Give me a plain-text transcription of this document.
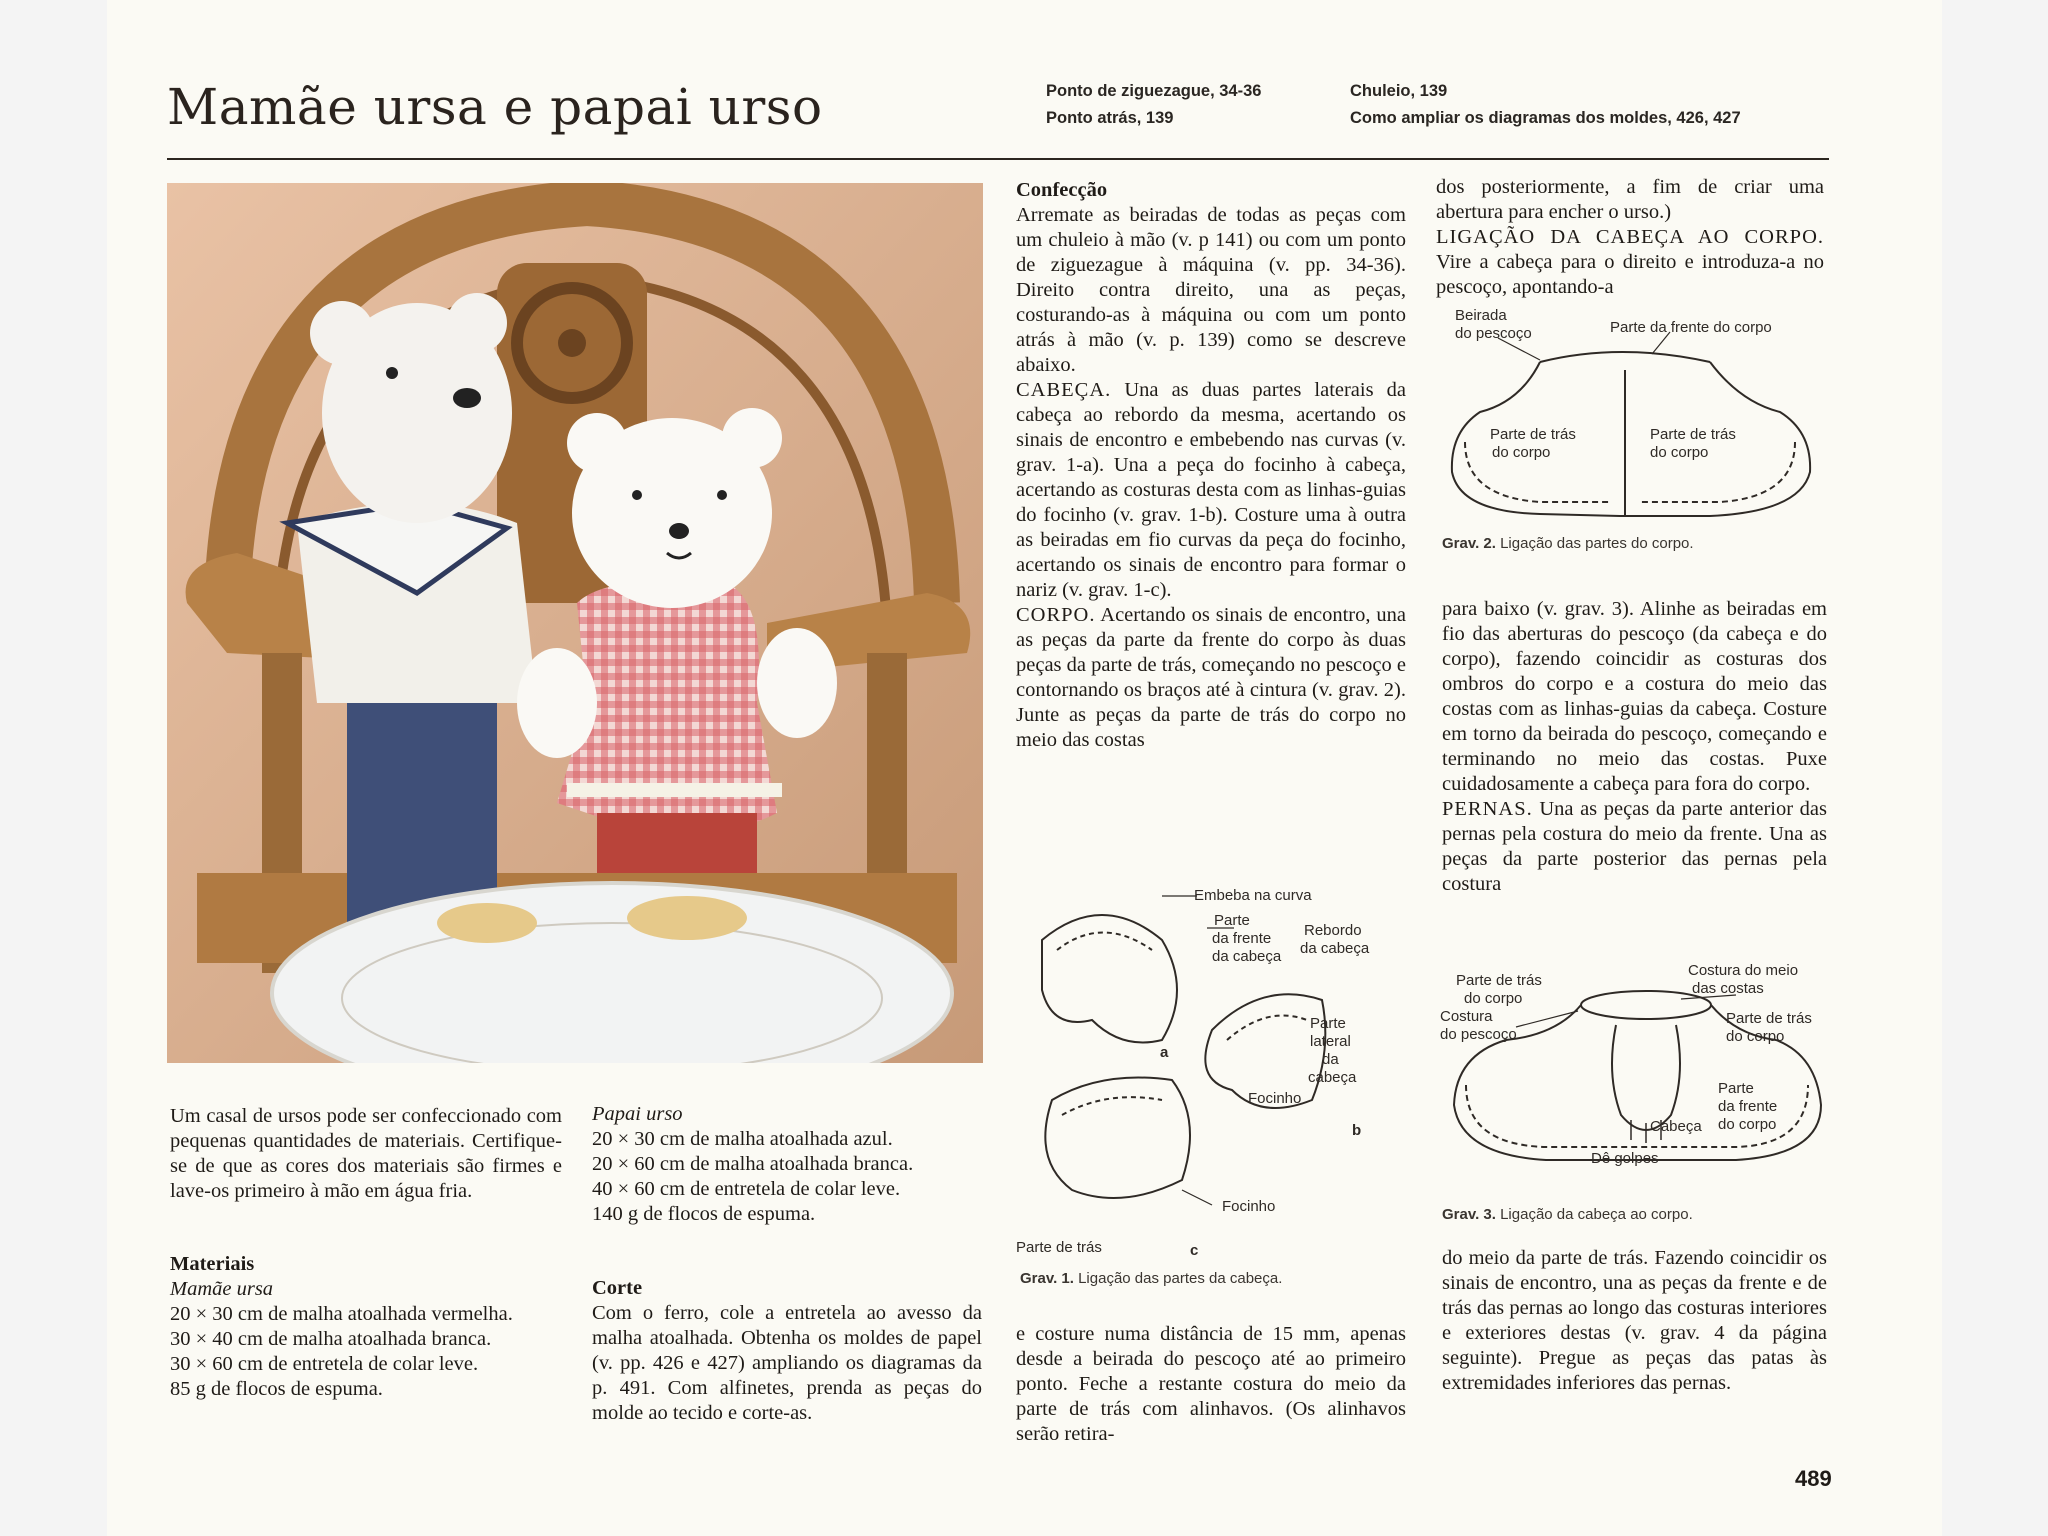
Mamãe ursa e papai urso	Ponto de ziguezague, 34-36
Ponto atrás, 139
Chuleio, 139
Como ampliar os diagramas dos moldes, 426, 427
Um casal de ursos pode ser confeccionado com pequenas quantidades de materiais. Certifique-se de que as cores dos materiais são firmes e lave-os primeiro à mão em água fria.

Materiais

Mamãe ursa

20 × 30 cm de malha atoalhada vermelha.

30 × 40 cm de malha atoalhada branca.

30 × 60 cm de entretela de colar leve.

85 g de flocos de espuma.

Papai urso

20 × 30 cm de malha atoalhada azul.

20 × 60 cm de malha atoalhada branca.

40 × 60 cm de entretela de colar leve.

140 g de flocos de espuma.

Corte

Com o ferro, cole a entretela ao avesso da malha atoalhada. Obtenha os moldes de papel (v. pp. 426 e 427) ampliando os diagramas da p. 491. Com alfinetes, prenda as peças do molde ao tecido e corte-as.

Confecção

Arremate as beiradas de todas as peças com um chuleio à mão (v. p 141) ou com um ponto de ziguezague à máquina (v. pp. 34-36). Direito contra direito, una as peças, costurando-as à máquina ou com um ponto atrás à mão (v. p. 139) como se descreve abaixo.

CABEÇA. Una as duas partes laterais da cabeça ao rebordo da mesma, acertando os sinais de encontro e embebendo nas curvas (v. grav. 1-a). Una a peça do focinho à cabeça, acertando as costuras desta com as linhas-guias do focinho (v. grav. 1-b). Costure uma à outra as beiradas em fio curvas da peça do focinho, acertando os sinais de encontro para formar o nariz (v. grav. 1-c).

CORPO. Acertando os sinais de encontro, una as peças da parte da frente do corpo às duas peças da parte de trás, começando no pescoço e contornando os braços até à cintura (v. grav. 2). Junte as peças da parte de trás do corpo no meio das costas

Embeba na curva
Parte
da frente
da cabeça
Rebordo
da cabeça
Parte
lateral
da
cabeça
Focinho
Focinho
Parte de trás
a
b
c
Grav. 1. Ligação das partes da cabeça.
e costure numa distância de 15 mm, apenas desde a beirada do pescoço até ao primeiro ponto. Feche a restante costura do meio da parte de trás com alinhavos. (Os alinhavos serão retira-

dos posteriormente, a fim de criar uma abertura para encher o urso.)

LIGAÇÃO DA CABEÇA AO CORPO. Vire a cabeça para o direito e introduza-a no pescoço, apontando-a

Beirada
do pescoço	Parte da frente do corpo
Parte de trás
do corpo
Parte de trás
do corpo
Grav. 2. Ligação das partes do corpo.

para baixo (v. grav. 3). Alinhe as beiradas em fio das aberturas do pescoço (da cabeça e do corpo), fazendo coincidir as costuras dos ombros do corpo e a costura do meio das costas com as linhas-guias da cabeça. Costure em torno da beirada do pescoço, começando e terminando no meio das costas. Puxe cuidadosamente a cabeça para fora do corpo.

PERNAS. Una as peças da parte anterior das pernas pela costura do meio da frente. Una as peças da parte posterior das pernas pela costura

Parte de trás
do corpo
Costura
do pescoço
Costura do meio
das costas
Parte de trás
do corpo
Parte
da frente
do corpo
Cabeça
Dê golpes
Grav. 3. Ligação da cabeça ao corpo.
do meio da parte de trás. Fazendo coincidir os sinais de encontro, una as peças da frente e de trás das pernas ao longo das costuras interiores e exteriores destas (v. grav. 4 da página seguinte). Pregue as peças das patas às extremidades inferiores das pernas.
489
